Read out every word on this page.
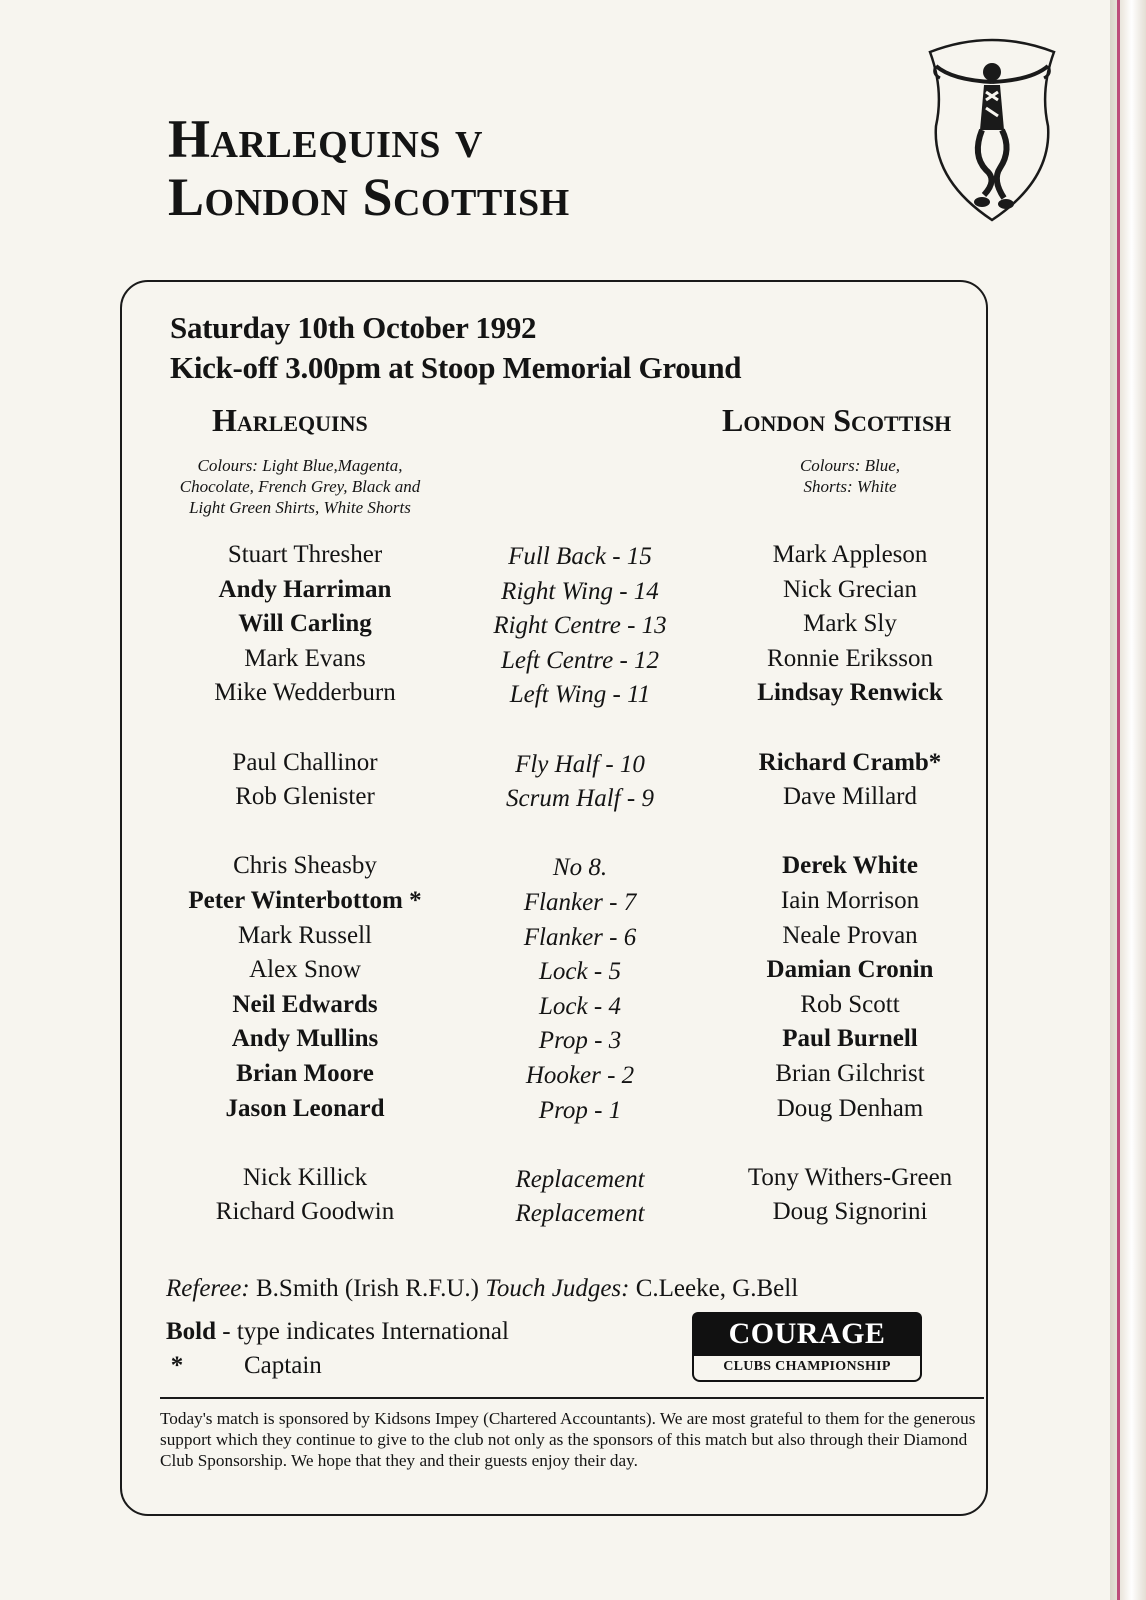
Harlequins v
London Scottish
Saturday 10th October 1992
Kick-off 3.00pm at Stoop Memorial Ground
Harlequins
Colours: Light Blue,Magenta,
Chocolate, French Grey, Black and
Light Green Shirts, White Shorts
London Scottish
Colours: Blue,
Shorts: White
Stuart Thresher
Andy Harriman
Will Carling
Mark Evans
Mike Wedderburn
Paul Challinor
Rob Glenister
Chris Sheasby
Peter Winterbottom *
Mark Russell
Alex Snow
Neil Edwards
Andy Mullins
Brian Moore
Jason Leonard
Nick Killick
Richard Goodwin
Full Back - 15
Right Wing - 14
Right Centre - 13
Left Centre - 12
Left Wing - 11
Fly Half - 10
Scrum Half - 9
No 8.
Flanker - 7
Flanker - 6
Lock - 5
Lock - 4
Prop - 3
Hooker - 2
Prop - 1
Replacement
Replacement
Mark Appleson
Nick Grecian
Mark Sly
Ronnie Eriksson
Lindsay Renwick
Richard Cramb*
Dave Millard
Derek White
Iain Morrison
Neale Provan
Damian Cronin
Rob Scott
Paul Burnell
Brian Gilchrist
Doug Denham
Tony Withers-Green
Doug Signorini
Referee: B.Smith (Irish R.F.U.) Touch Judges: C.Leeke, G.Bell
Bold - type indicates International
* Captain
COURAGE
CLUBS CHAMPIONSHIP
Today's match is sponsored by Kidsons Impey (Chartered Accountants). We are most grateful to them for the generous support which they continue to give to the club not only as the sponsors of this match but also through their Diamond Club Sponsorship. We hope that they and their guests enjoy their day.
